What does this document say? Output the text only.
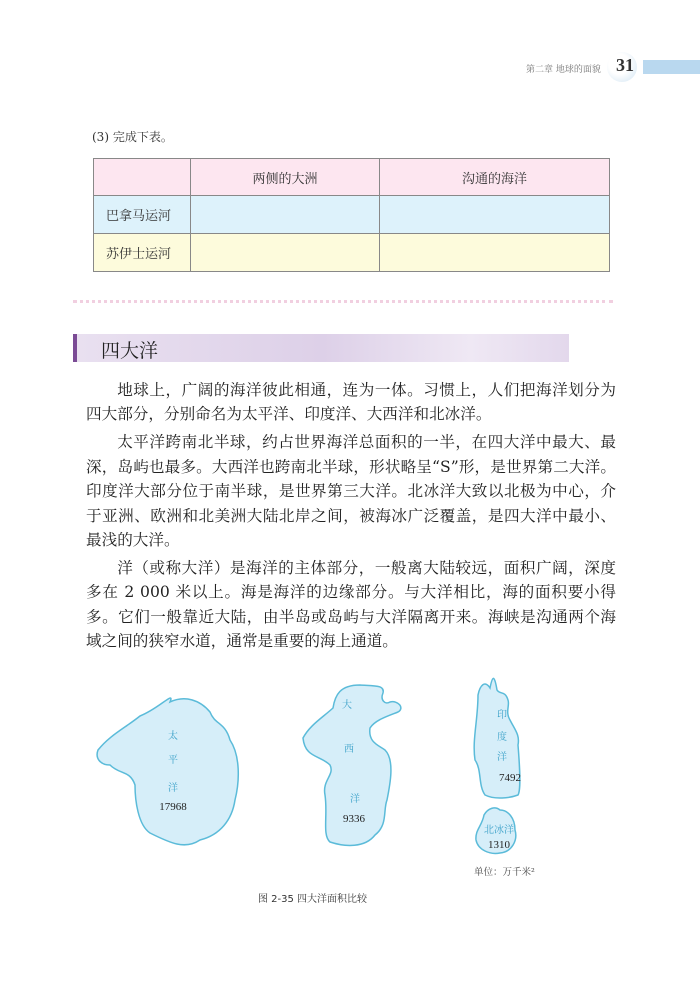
第二章 地球的面貌 31
(3) 完成下表。
	两侧的大洲	沟通的海洋
巴拿马运河		
苏伊士运河		
四大洋

地球上，广阔的海洋彼此相通，连为一体。习惯上，人们把海洋划分为四大部分，分别命名为太平洋、印度洋、大西洋和北冰洋。

太平洋跨南北半球，约占世界海洋总面积的一半，在四大洋中最大、最深，岛屿也最多。大西洋也跨南北半球，形状略呈“S”形，是世界第二大洋。印度洋大部分位于南半球，是世界第三大洋。北冰洋大致以北极为中心，介于亚洲、欧洲和北美洲大陆北岸之间，被海冰广泛覆盖，是四大洋中最小、最浅的大洋。

洋（或称大洋）是海洋的主体部分，一般离大陆较远，面积广阔，深度多在 2 000 米以上。海是海洋的边缘部分。与大洋相比，海的面积要小得多。它们一般靠近大陆，由半岛或岛屿与大洋隔离开来。海峡是沟通两个海域之间的狭窄水道，通常是重要的海上通道。

太
平
洋
大
西
洋
印
度
洋
北冰洋
17968
9336
7492
1310
单位：万千米²
图 2-35 四大洋面积比较
